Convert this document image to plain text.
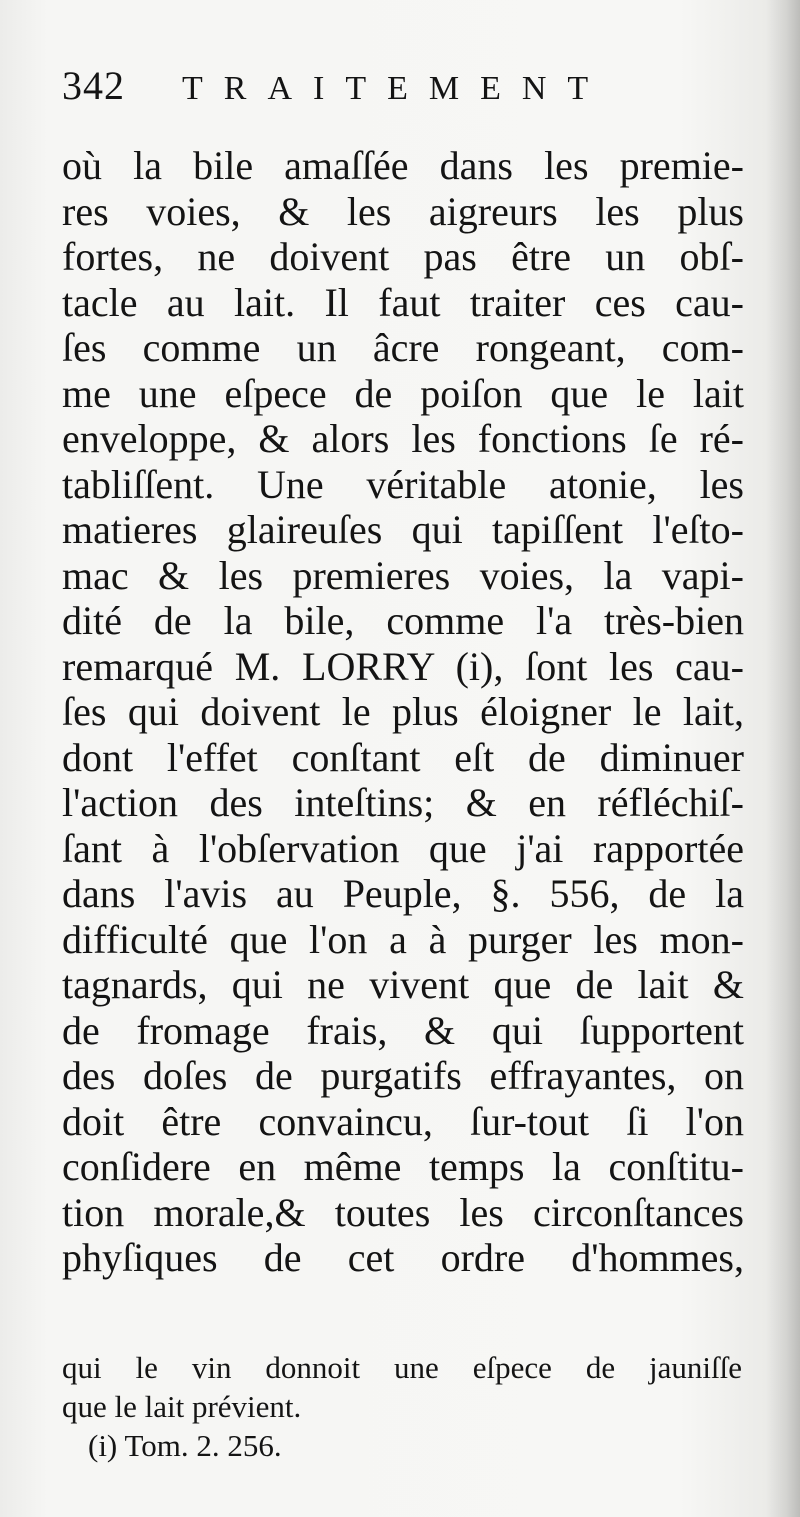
342	TRAITEMENT
où la bile amaſſée dans les premie-
res voies, & les aigreurs les plus
fortes, ne doivent pas être un obſ-
tacle au lait. Il faut traiter ces cau-
ſes comme un âcre rongeant, com-
me une eſpece de poiſon que le lait
enveloppe, & alors les fonctions ſe ré-
tabliſſent. Une véritable atonie, les
matieres glaireuſes qui tapiſſent l'eſto-
mac & les premieres voies, la vapi-
dité de la bile, comme l'a très-bien
remarqué M. LORRY (i), ſont les cau-
ſes qui doivent le plus éloigner le lait,
dont l'effet conſtant eſt de diminuer
l'action des inteſtins; & en réfléchiſ-
ſant à l'obſervation que j'ai rapportée
dans l'avis au Peuple, §. 556, de la
difficulté que l'on a à purger les mon-
tagnards, qui ne vivent que de lait &
de fromage frais, & qui ſupportent
des doſes de purgatifs effrayantes, on
doit être convaincu, ſur-tout ſi l'on
conſidere en même temps la conſtitu-
tion morale,& toutes les circonſtances
phyſiques de cet ordre d'hommes,
qui le vin donnoit une eſpece de jauniſſe
que le lait prévient.
(i) Tom. 2. 256.
